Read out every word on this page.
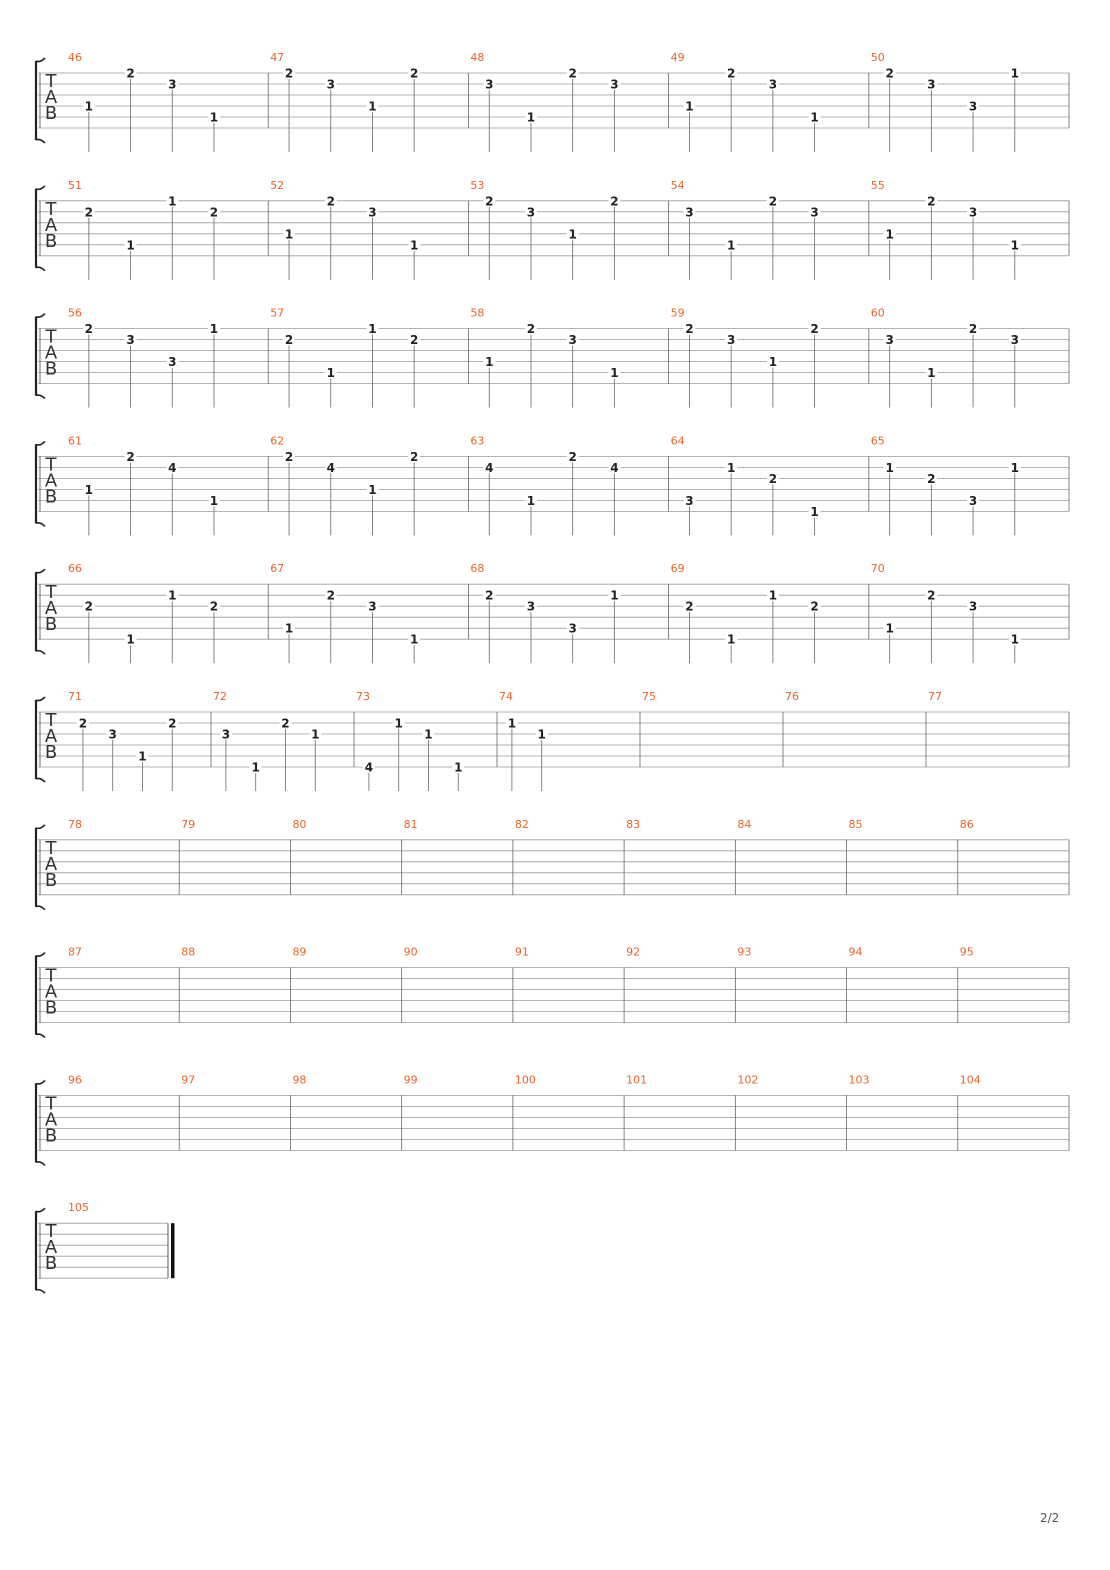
T
A
B
46
1
2
3
1
47
2
3
1
2
48
3
1
2
3
49
1
2
3
1
50
2
3
3
1
T
A
B
51
2
1
1
2
52
1
2
3
1
53
2
3
1
2
54
3
1
2
3
55
1
2
3
1
T
A
B
56
2
3
3
1
57
2
1
1
2
58
1
2
3
1
59
2
3
1
2
60
3
1
2
3
T
A
B
61
1
2
4
1
62
2
4
1
2
63
4
1
2
4
64
3
1
2
1
65
1
2
3
1
T
A
B
66
2
1
1
2
67
1
2
3
1
68
2
3
3
1
69
2
1
1
2
70
1
2
3
1
T
A
B
71
2
3
1
2
72
3
1
2
1
73
4
1
1
1
74
1
1
75	76	77
T
A
B
78	79	80	81	82	83	84	85	86
T
A
B
87	88	89	90	91	92	93	94	95
T
A
B
96	97	98	99	100	101	102	103	104
T
A
B
105
2/2
